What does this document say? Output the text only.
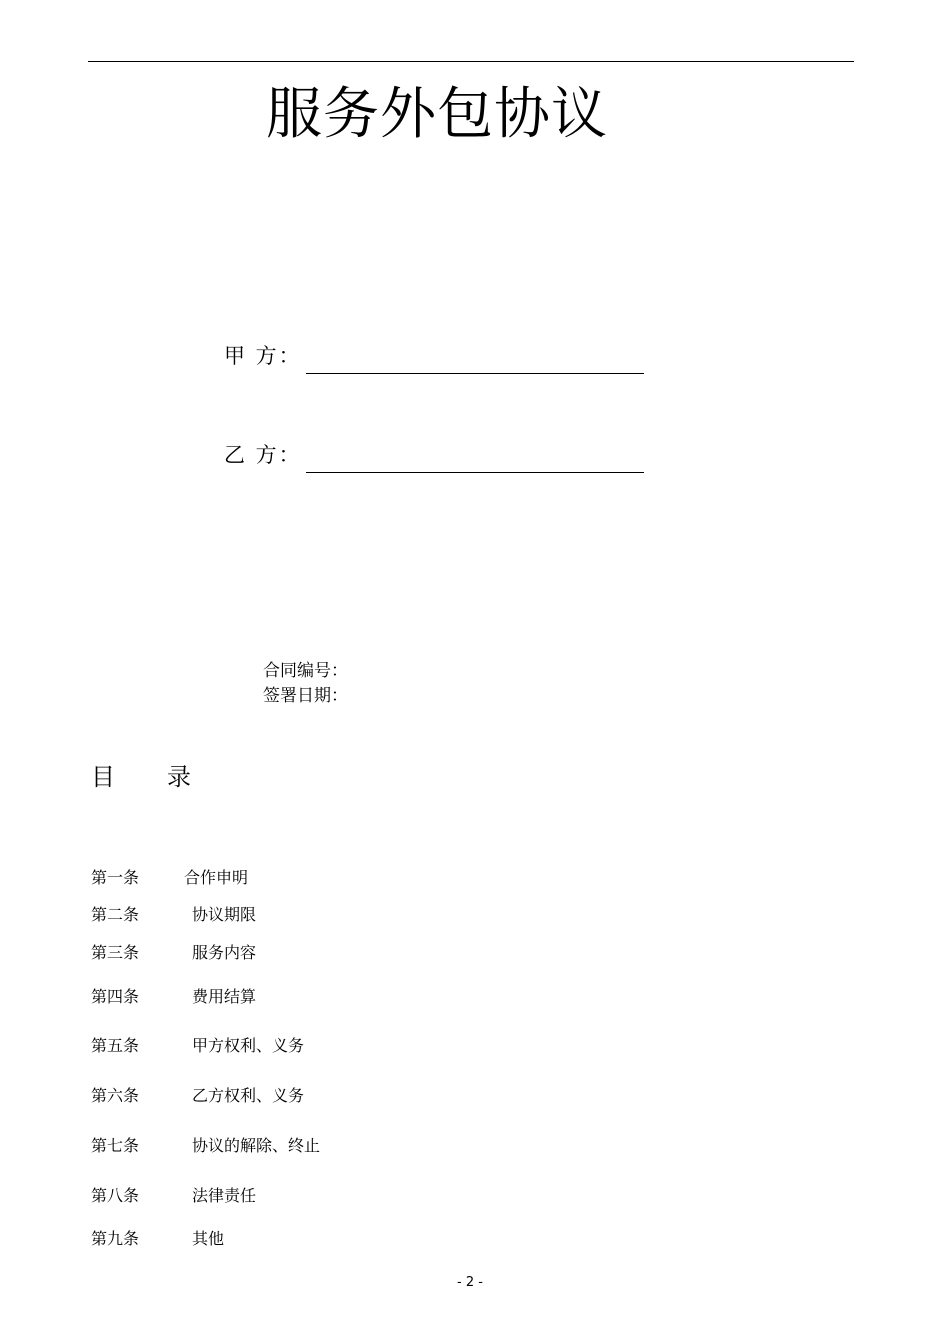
服务外包协议
甲 方：
乙 方：
合同编号：
签署日期：
目 录
第一条	合作申明
第二条	协议期限
第三条	服务内容
第四条	费用结算
第五条	甲方权利、义务
第六条	乙方权利、义务
第七条	协议的解除、终止
第八条	法律责任
第九条	其他
- 2 -
